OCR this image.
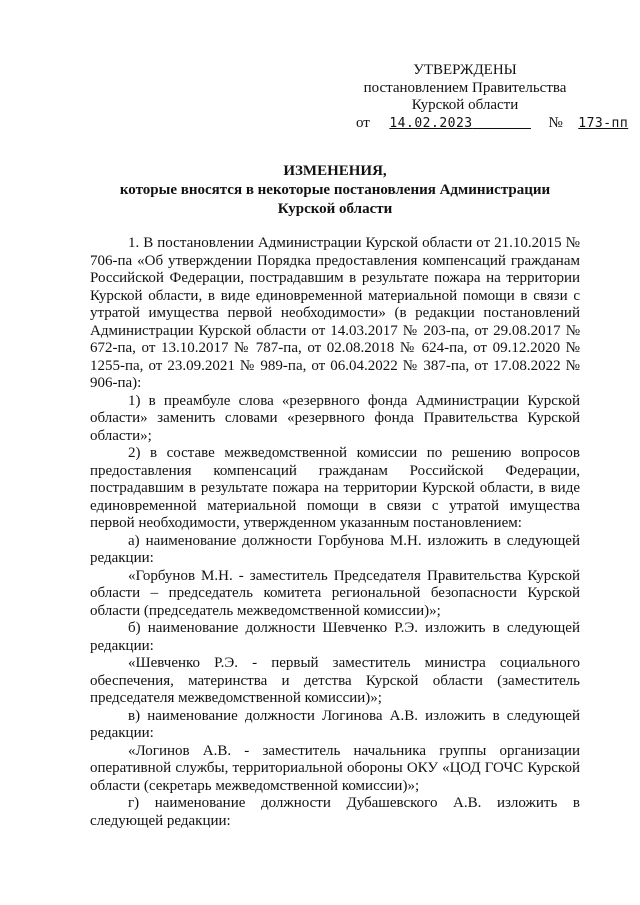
УТВЕРЖДЕНЫ
постановлением Правительства
Курской области
от 14.02.2023	№ 173-пп
ИЗМЕНЕНИЯ,
которые вносятся в некоторые постановления Администрации
Курской области

1. В постановлении Администрации Курской области от 21.10.2015 № 706-па «Об утверждении Порядка предоставления компенсаций гражданам Российской Федерации, пострадавшим в результате пожара на территории Курской области, в виде единовременной материальной помощи в связи с утратой имущества первой необходимости» (в редакции постановлений Администрации Курской области от 14.03.2017 № 203-па, от 29.08.2017 № 672-па, от 13.10.2017 № 787-па, от 02.08.2018 № 624-па, от 09.12.2020 № 1255-па, от 23.09.2021 № 989-па, от 06.04.2022 № 387-па, от 17.08.2022 № 906-па):

1) в преамбуле слова «резервного фонда Администрации Курской области» заменить словами «резервного фонда Правительства Курской области»;

2) в составе межведомственной комиссии по решению вопросов предоставления компенсаций гражданам Российской Федерации, пострадавшим в результате пожара на территории Курской области, в виде единовременной материальной помощи в связи с утратой имущества первой необходимости, утвержденном указанным постановлением:

а) наименование должности Горбунова М.Н. изложить в следующей редакции:

«Горбунов М.Н. - заместитель Председателя Правительства Курской области – председатель комитета региональной безопасности Курской области (председатель межведомственной комиссии)»;

б) наименование должности Шевченко Р.Э. изложить в следующей редакции:

«Шевченко Р.Э. - первый заместитель министра социального обеспечения, материнства и детства Курской области (заместитель председателя межведомственной комиссии)»;

в) наименование должности Логинова А.В. изложить в следующей редакции:

«Логинов А.В. - заместитель начальника группы организации оперативной службы, территориальной обороны ОКУ «ЦОД ГОЧС Курской области (секретарь межведомственной комиссии)»;

г) наименование должности Дубашевского А.В. изложить в следующей редакции:
